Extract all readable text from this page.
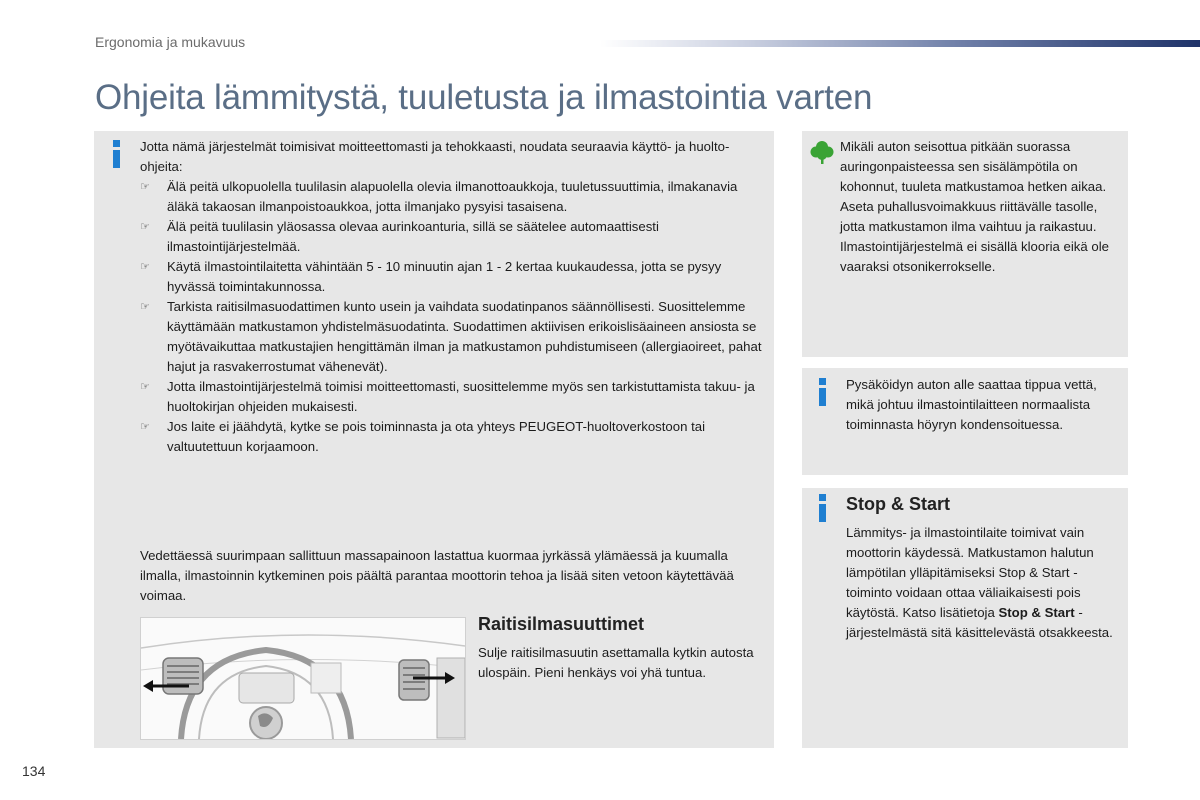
Ergonomia ja mukavuus
Ohjeita lämmitystä, tuuletusta ja ilmastointia varten
Jotta nämä järjestelmät toimisivat moitteettomasti ja tehokkaasti, noudata seuraavia käyttö- ja huolto-ohjeita:
☞ Älä peitä ulkopuolella tuulilasin alapuolella olevia ilmanottoaukkoja, tuuletussuuttimia, ilmakanavia äläkä takaosan ilmanpoistoaukkoa, jotta ilmanjako pysyisi tasaisena.
☞ Älä peitä tuulilasin yläosassa olevaa aurinkoanturia, sillä se säätelee automaattisesti ilmastointijärjestelmää.
☞ Käytä ilmastointilaitetta vähintään 5 - 10 minuutin ajan 1 - 2 kertaa kuukaudessa, jotta se pysyy hyvässä toimintakunnossa.
☞ Tarkista raitisilmasuodattimen kunto usein ja vaihdata suodatinpanos säännöllisesti. Suosittelemme käyttämään matkustamon yhdistelmäsuodatinta. Suodattimen aktiivisen erikoislisäaineen ansiosta se myötävaikuttaa matkustajien hengittämän ilman ja matkustamon puhdistumiseen (allergiaoireet, pahat hajut ja rasvakerrostumat vähenevät).
☞ Jotta ilmastointijärjestelmä toimisi moitteettomasti, suosittelemme myös sen tarkistuttamista takuu- ja huoltokirjan ohjeiden mukaisesti.
☞ Jos laite ei jäähdytä, kytke se pois toiminnasta ja ota yhteys PEUGEOT-huoltoverkostoon tai valtuutettuun korjaamoon.
Vedettäessä suurimpaan sallittuun massapainoon lastattua kuormaa jyrkässä ylämäessä ja kuumalla ilmalla, ilmastoinnin kytkeminen pois päältä parantaa moottorin tehoa ja lisää siten vetoon käytettävää voimaa.
Raitisilmasuuttimet
Sulje raitisilmasuutin asettamalla kytkin autosta ulospäin. Pieni henkäys voi yhä tuntua.
Mikäli auton seisottua pitkään suorassa auringonpaisteessa sen sisälämpötila on kohonnut, tuuleta matkustamoa hetken aikaa. Aseta puhallusvoimakkuus riittävälle tasolle, jotta matkustamon ilma vaihtuu ja raikastuu. Ilmastointijärjestelmä ei sisällä klooria eikä ole vaaraksi otsonikerrokselle.
Pysäköidyn auton alle saattaa tippua vettä, mikä johtuu ilmastointilaitteen normaalista toiminnasta höyryn kondensoituessa.
Stop & Start
Lämmitys- ja ilmastointilaite toimivat vain moottorin käydessä. Matkustamon halutun lämpötilan ylläpitämiseksi Stop & Start -toiminto voidaan ottaa väliaikaisesti pois käytöstä. Katso lisätietoja Stop & Start -järjestelmästä sitä käsittelevästä otsakkeesta.
134
